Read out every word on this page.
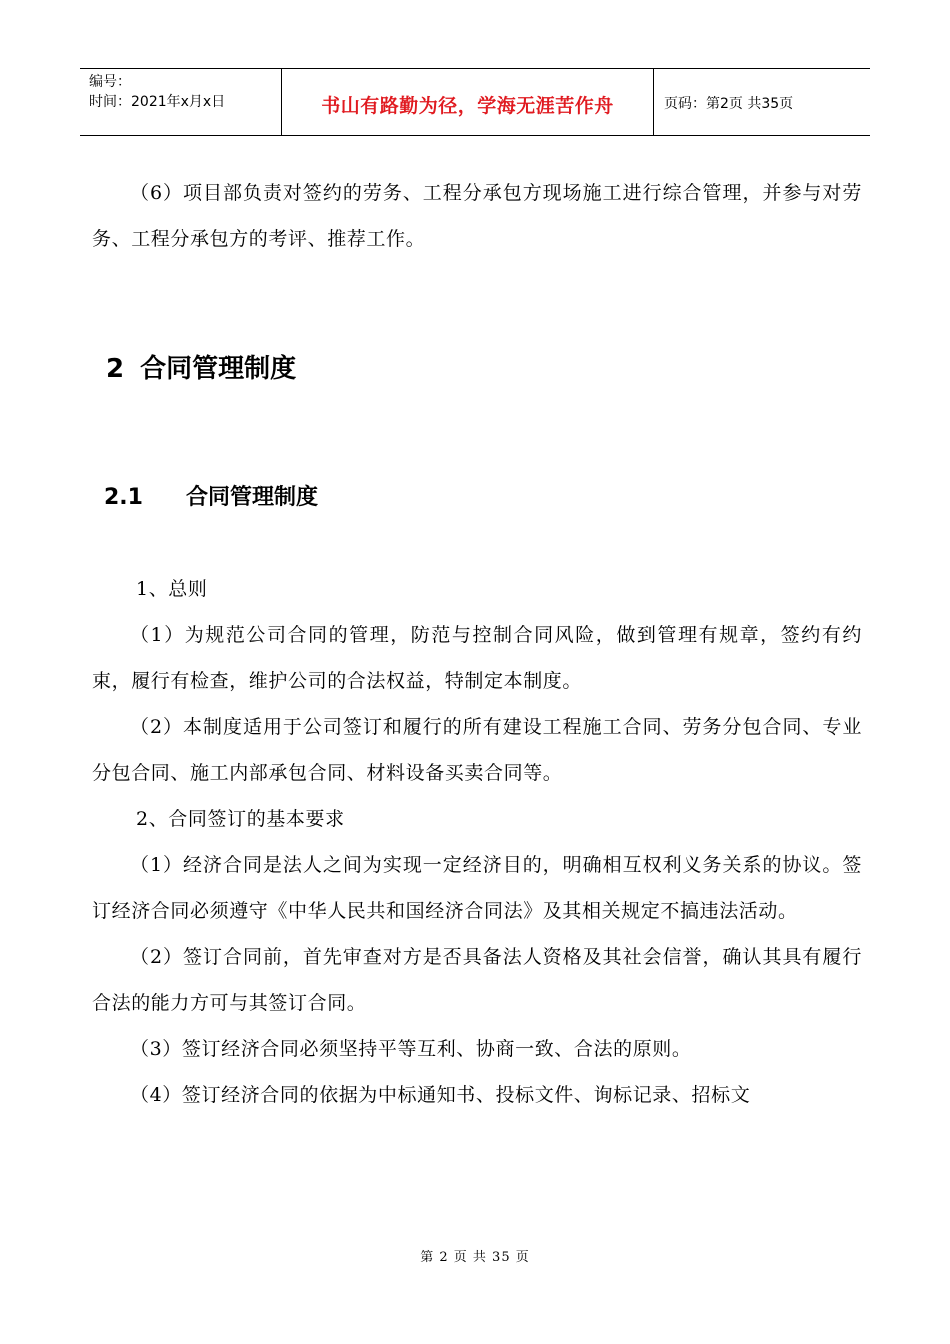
编号：
时间：2021年x月x日	书山有路勤为径，学海无涯苦作舟	页码：第2页 共35页

（6）项目部负责对签约的劳务、工程分承包方现场施工进行综合管理，并参与对劳务、工程分承包方的考评、推荐工作。

2 合同管理制度
2.1 合同管理制度

1、总则

（1）为规范公司合同的管理，防范与控制合同风险，做到管理有规章，签约有约束，履行有检查，维护公司的合法权益，特制定本制度。

（2）本制度适用于公司签订和履行的所有建设工程施工合同、劳务分包合同、专业分包合同、施工内部承包合同、材料设备买卖合同等。

2、合同签订的基本要求

（1）经济合同是法人之间为实现一定经济目的，明确相互权利义务关系的协议。签订经济合同必须遵守《中华人民共和国经济合同法》及其相关规定不搞违法活动。

（2）签订合同前，首先审查对方是否具备法人资格及其社会信誉，确认其具有履行合法的能力方可与其签订合同。

（3）签订经济合同必须坚持平等互利、协商一致、合法的原则。

（4）签订经济合同的依据为中标通知书、投标文件、询标记录、招标文

第 2 页 共 35 页
